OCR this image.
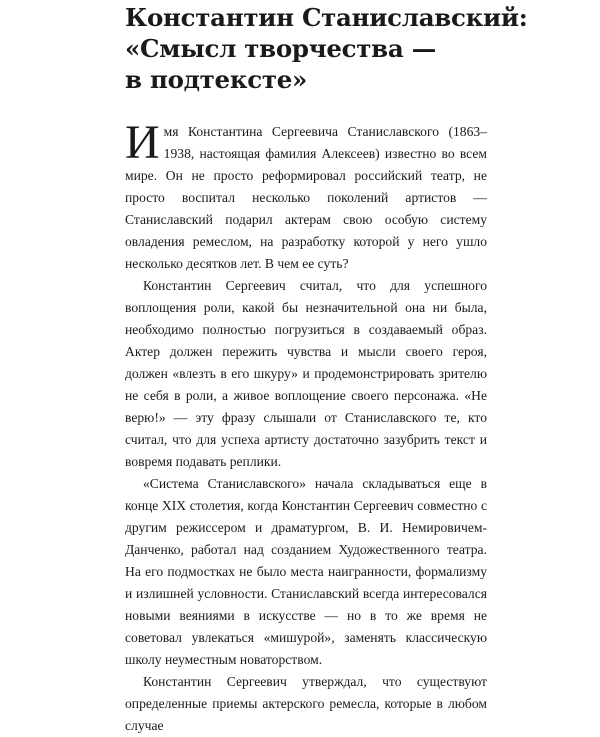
Константин Станиславский:
«Смысл творчества —
в подтексте»

Имя Константина Сергеевича Станиславского (1863–1938, настоящая фамилия Алексеев) известно во всем мире. Он не просто реформировал российский театр, не просто воспитал несколько поколений артистов — Станиславский подарил актерам свою особую систему овладения ремеслом, на разработку которой у него ушло несколько десятков лет. В чем ее суть?

Константин Сергеевич считал, что для успешного воплощения роли, какой бы незначительной она ни была, необходимо полностью погрузиться в создаваемый образ. Актер должен пережить чувства и мысли своего героя, должен «влезть в его шкуру» и продемонстрировать зрителю не себя в роли, а живое воплощение своего персонажа. «Не верю!» — эту фразу слышали от Станиславского те, кто считал, что для успеха артисту достаточно зазубрить текст и вовремя подавать реплики.

«Система Станиславского» начала складываться еще в конце XIX столетия, когда Константин Сергеевич совместно с другим режиссером и драматургом, В. И. Немировичем-Данченко, работал над созданием Художественного театра. На его подмостках не было места наигранности, формализму и излишней условности. Станиславский всегда интересовался новыми веяниями в искусстве — но в то же время не советовал увлекаться «мишурой», заменять классическую школу неуместным новаторством.

Константин Сергеевич утверждал, что существуют определенные приемы актерского ремесла, которые в любом случае
